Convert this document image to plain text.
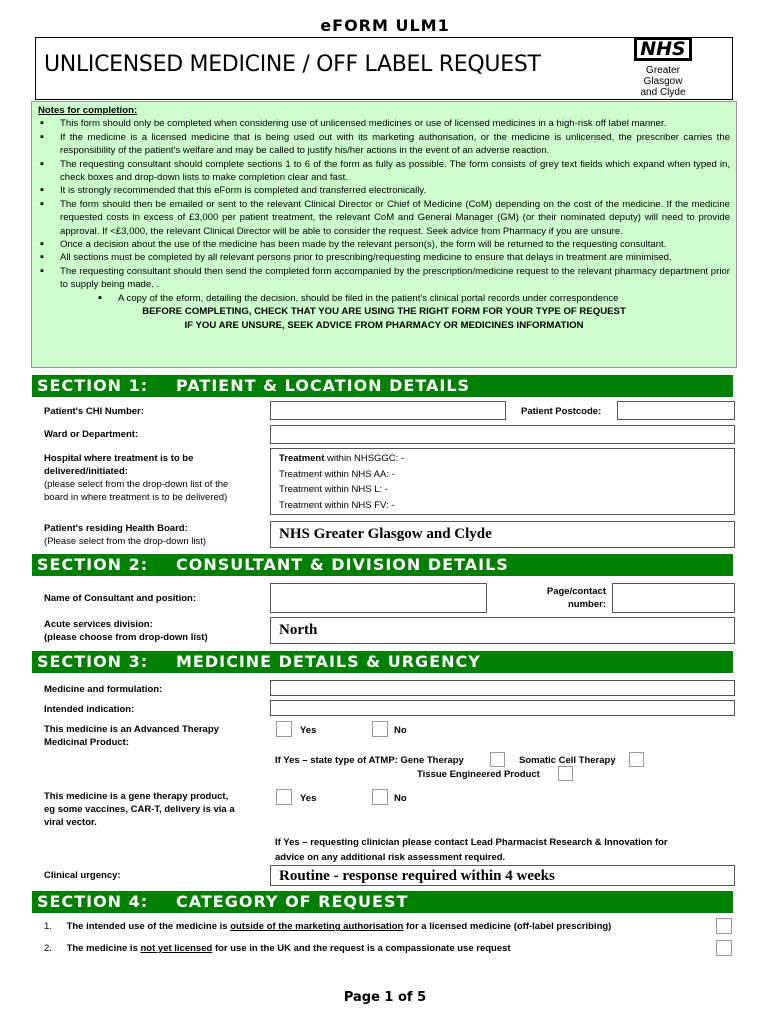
eFORM ULM1
UNLICENSED MEDICINE / OFF LABEL REQUEST
NHS
Greater Glasgow
and Clyde
Notes for completion:
▪ This form should only be completed when considering use of unlicensed medicines or use of licensed medicines in a high-risk off label manner.
▪ If the medicine is a licensed medicine that is being used out with its marketing authorisation, or the medicine is unlicensed, the prescriber carries the responsibility of the patient's welfare and may be called to justify his/her actions in the event of an adverse reaction.
▪ The requesting consultant should complete sections 1 to 6 of the form as fully as possible. The form consists of grey text fields which expand when typed in, check boxes and drop-down lists to make completion clear and fast.
▪ It is strongly recommended that this eForm is completed and transferred electronically.
▪ The form should then be emailed or sent to the relevant Clinical Director or Chief of Medicine (CoM) depending on the cost of the medicine. If the medicine requested costs in excess of £3,000 per patient treatment, the relevant CoM and General Manager (GM) (or their nominated deputy) will need to provide approval. If <£3,000, the relevant Clinical Director will be able to consider the request. Seek advice from Pharmacy if you are unsure.
▪ Once a decision about the use of the medicine has been made by the relevant person(s), the form will be returned to the requesting consultant.
▪ All sections must be completed by all relevant persons prior to prescribing/requesting medicine to ensure that delays in treatment are minimised.
▪ The requesting consultant should then send the completed form accompanied by the prescription/medicine request to the relevant pharmacy department prior to supply being made. .
▪ A copy of the eform, detailing the decision, should be filed in the patient's clinical portal records under correspondence
BEFORE COMPLETING, CHECK THAT YOU ARE USING THE RIGHT FORM FOR YOUR TYPE OF REQUEST
IF YOU ARE UNSURE, SEEK ADVICE FROM PHARMACY OR MEDICINES INFORMATION
SECTION 1: PATIENT & LOCATION DETAILS
Patient's CHI Number:	Patient Postcode:
Ward or Department:
Hospital where treatment is to be
delivered/initiated:
(please select from the drop-down list of the
board in where treatment is to be delivered)
Treatment within NHSGGC: -
Treatment within NHS AA: -
Treatment within NHS L: -
Treatment within NHS FV: -
Patient's residing Health Board:
(Please select from the drop-down list)	NHS Greater Glasgow and Clyde
SECTION 2: CONSULTANT & DIVISION DETAILS
Name of Consultant and position:
Page/contact
number:
Acute services division:
(please choose from drop-down list)	North
SECTION 3: MEDICINE DETAILS & URGENCY
Medicine and formulation:
Intended indication:
This medicine is an Advanced Therapy
Medicinal Product:
Yes	No
If Yes – state type of ATMP: Gene Therapy	Somatic Cell Therapy
Tissue Engineered Product
This medicine is a gene therapy product,
eg some vaccines, CAR-T, delivery is via a
viral vector.
Yes	No
If Yes – requesting clinician please contact Lead Pharmacist Research & Innovation for
advice on any additional risk assessment required.
Clinical urgency:	Routine - response required within 4 weeks
SECTION 4: CATEGORY OF REQUEST
1. The intended use of the medicine is outside of the marketing authorisation for a licensed medicine (off-label prescribing)
2. The medicine is not yet licensed for use in the UK and the request is a compassionate use request
Page 1 of 5
